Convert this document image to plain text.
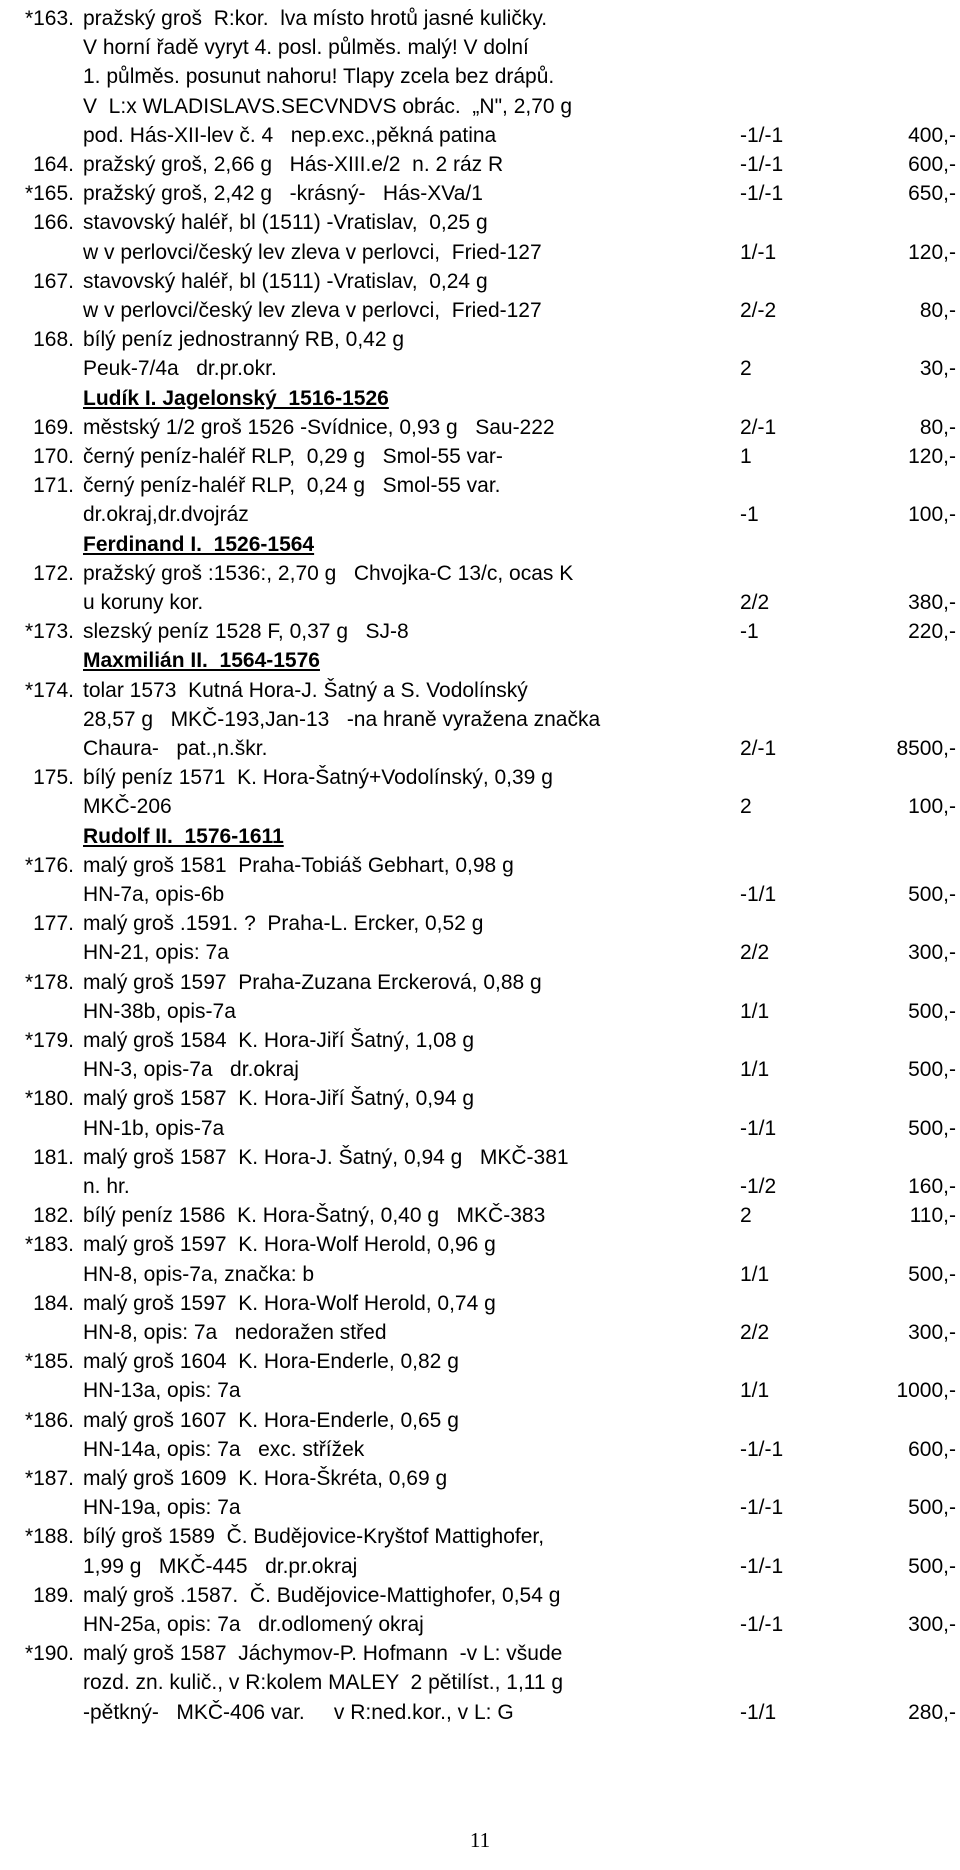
*163. pražský groš  R:kor.  lva místo hrotů jasné kuličky.
V horní řadě vyryt 4. posl. půlměs. malý! V dolní
1. půlměs. posunut nahoru! Tlapy zcela bez drápů.
V  L:x WLADISLAVS.SECVNDVS obrác.  „N", 2,70 g
pod. Hás-XII-lev č. 4   nep.exc.,pěkná patina	-1/-1	400,-
164. pražský groš, 2,66 g   Hás-XIII.e/2  n. 2 ráz R	-1/-1	600,-
*165. pražský groš, 2,42 g   -krásný-   Hás-XVa/1	-1/-1	650,-
166. stavovský haléř, bl (1511) -Vratislav,  0,25 g
w v perlovci/český lev zleva v perlovci,  Fried-127	1/-1	120,-
167. stavovský haléř, bl (1511) -Vratislav,  0,24 g
w v perlovci/český lev zleva v perlovci,  Fried-127	2/-2	80,-
168. bílý peníz jednostranný RB, 0,42 g
Peuk-7/4a   dr.pr.okr.	2	30,-
Ludík I. Jagelonský  1516-1526
169. městský 1/2 groš 1526 -Svídnice, 0,93 g   Sau-222	2/-1	80,-
170. černý peníz-haléř RLP,  0,29 g   Smol-55 var-	1	120,-
171. černý peníz-haléř RLP,  0,24 g   Smol-55 var.
dr.okraj,dr.dvojráz	-1	100,-
Ferdinand I.  1526-1564
172. pražský groš :1536:, 2,70 g   Chvojka-C 13/c, ocas K
u koruny kor.	2/2	380,-
*173. slezský peníz 1528 F, 0,37 g   SJ-8	-1	220,-
Maxmilián II.  1564-1576
*174. tolar 1573  Kutná Hora-J. Šatný a S. Vodolínský
28,57 g   MKČ-193,Jan-13   -na hraně vyražena značka
Chaura-   pat.,n.škr.	2/-1	8500,-
175. bílý peníz 1571  K. Hora-Šatný+Vodolínský, 0,39 g
MKČ-206	2	100,-
Rudolf II.  1576-1611
*176. malý groš 1581  Praha-Tobiáš Gebhart, 0,98 g
HN-7a, opis-6b	-1/1	500,-
177. malý groš .1591. ?  Praha-L. Ercker, 0,52 g
HN-21, opis: 7a	2/2	300,-
*178. malý groš 1597  Praha-Zuzana Erckerová, 0,88 g
HN-38b, opis-7a	1/1	500,-
*179. malý groš 1584  K. Hora-Jiří Šatný, 1,08 g
HN-3, opis-7a   dr.okraj	1/1	500,-
*180. malý groš 1587  K. Hora-Jiří Šatný, 0,94 g
HN-1b, opis-7a	-1/1	500,-
181. malý groš 1587  K. Hora-J. Šatný, 0,94 g   MKČ-381
n. hr.	-1/2	160,-
182. bílý peníz 1586  K. Hora-Šatný, 0,40 g   MKČ-383	2	110,-
*183. malý groš 1597  K. Hora-Wolf Herold, 0,96 g
HN-8, opis-7a, značka: b	1/1	500,-
184. malý groš 1597  K. Hora-Wolf Herold, 0,74 g
HN-8, opis: 7a   nedoražen střed	2/2	300,-
*185. malý groš 1604  K. Hora-Enderle, 0,82 g
HN-13a, opis: 7a	1/1	1000,-
*186. malý groš 1607  K. Hora-Enderle, 0,65 g
HN-14a, opis: 7a   exc. střížek	-1/-1	600,-
*187. malý groš 1609  K. Hora-Škréta, 0,69 g
HN-19a, opis: 7a	-1/-1	500,-
*188. bílý groš 1589  Č. Budějovice-Kryštof Mattighofer,
1,99 g   MKČ-445   dr.pr.okraj	-1/-1	500,-
189. malý groš .1587.  Č. Budějovice-Mattighofer, 0,54 g
HN-25a, opis: 7a   dr.odlomený okraj	-1/-1	300,-
*190. malý groš 1587  Jáchymov-P. Hofmann  -v L: všude
rozd. zn. kulič., v R:kolem MALEY  2 pětilíst., 1,11 g
-pětkný-   MKČ-406 var.     v R:ned.kor., v L: G	-1/1	280,-
11
